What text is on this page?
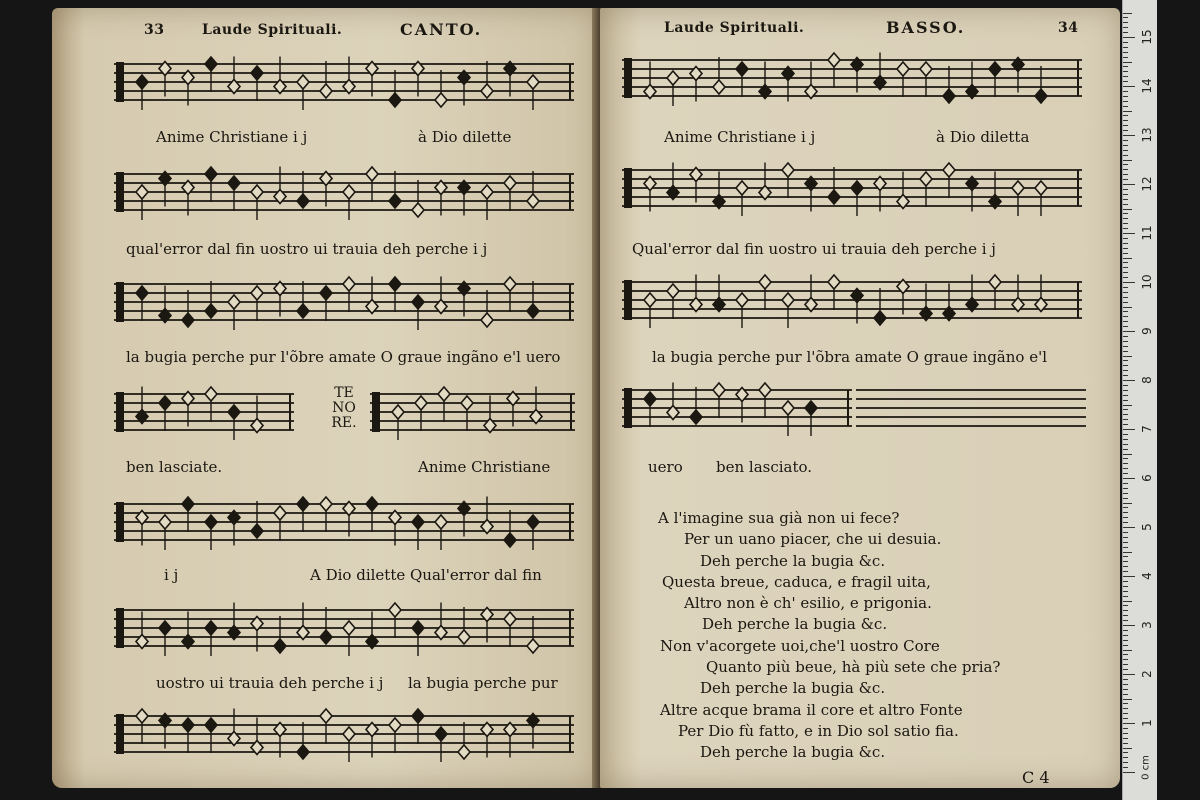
33	Laude Spirituali.	CANTO.
Anime Christiane i j	à Dio dilette
qual'error dal fin uostro ui trauia deh perche i j
la bugia perche pur l'õbre amate O graue ingãno e'l uero
TE
NO
RE.
ben lasciate.	Anime Christiane
i j	A Dio dilette Qual'error dal fin
uostro ui trauia deh perche i j la bugia perche pur
Laude Spirituali.	BASSO.	34
Anime Christiane i j	à Dio diletta
Qual'error dal fin uostro ui trauia deh perche i j
la bugia perche pur l'õbra amate O graue ingãno e'l
uero ben lasciato.
A l'imagine sua già non ui fece?
Per un uano piacer, che ui desuia.
Deh perche la bugia &c.
Questa breue, caduca, e fragil uita,
Altro non è ch' esilio, e prigonia.
Deh perche la bugia &c.
Non v'acorgete uoi,che'l uostro Core
Quanto più beue, hà più sete che pria?
Deh perche la bugia &c.
Altre acque brama il core et altro Fonte
Per Dio fù fatto, e in Dio sol satio fia.
Deh perche la bugia &c.
C 4	0 cm
1
2
3
4
5
6
7
8
9
10
11
12
13
14
15
